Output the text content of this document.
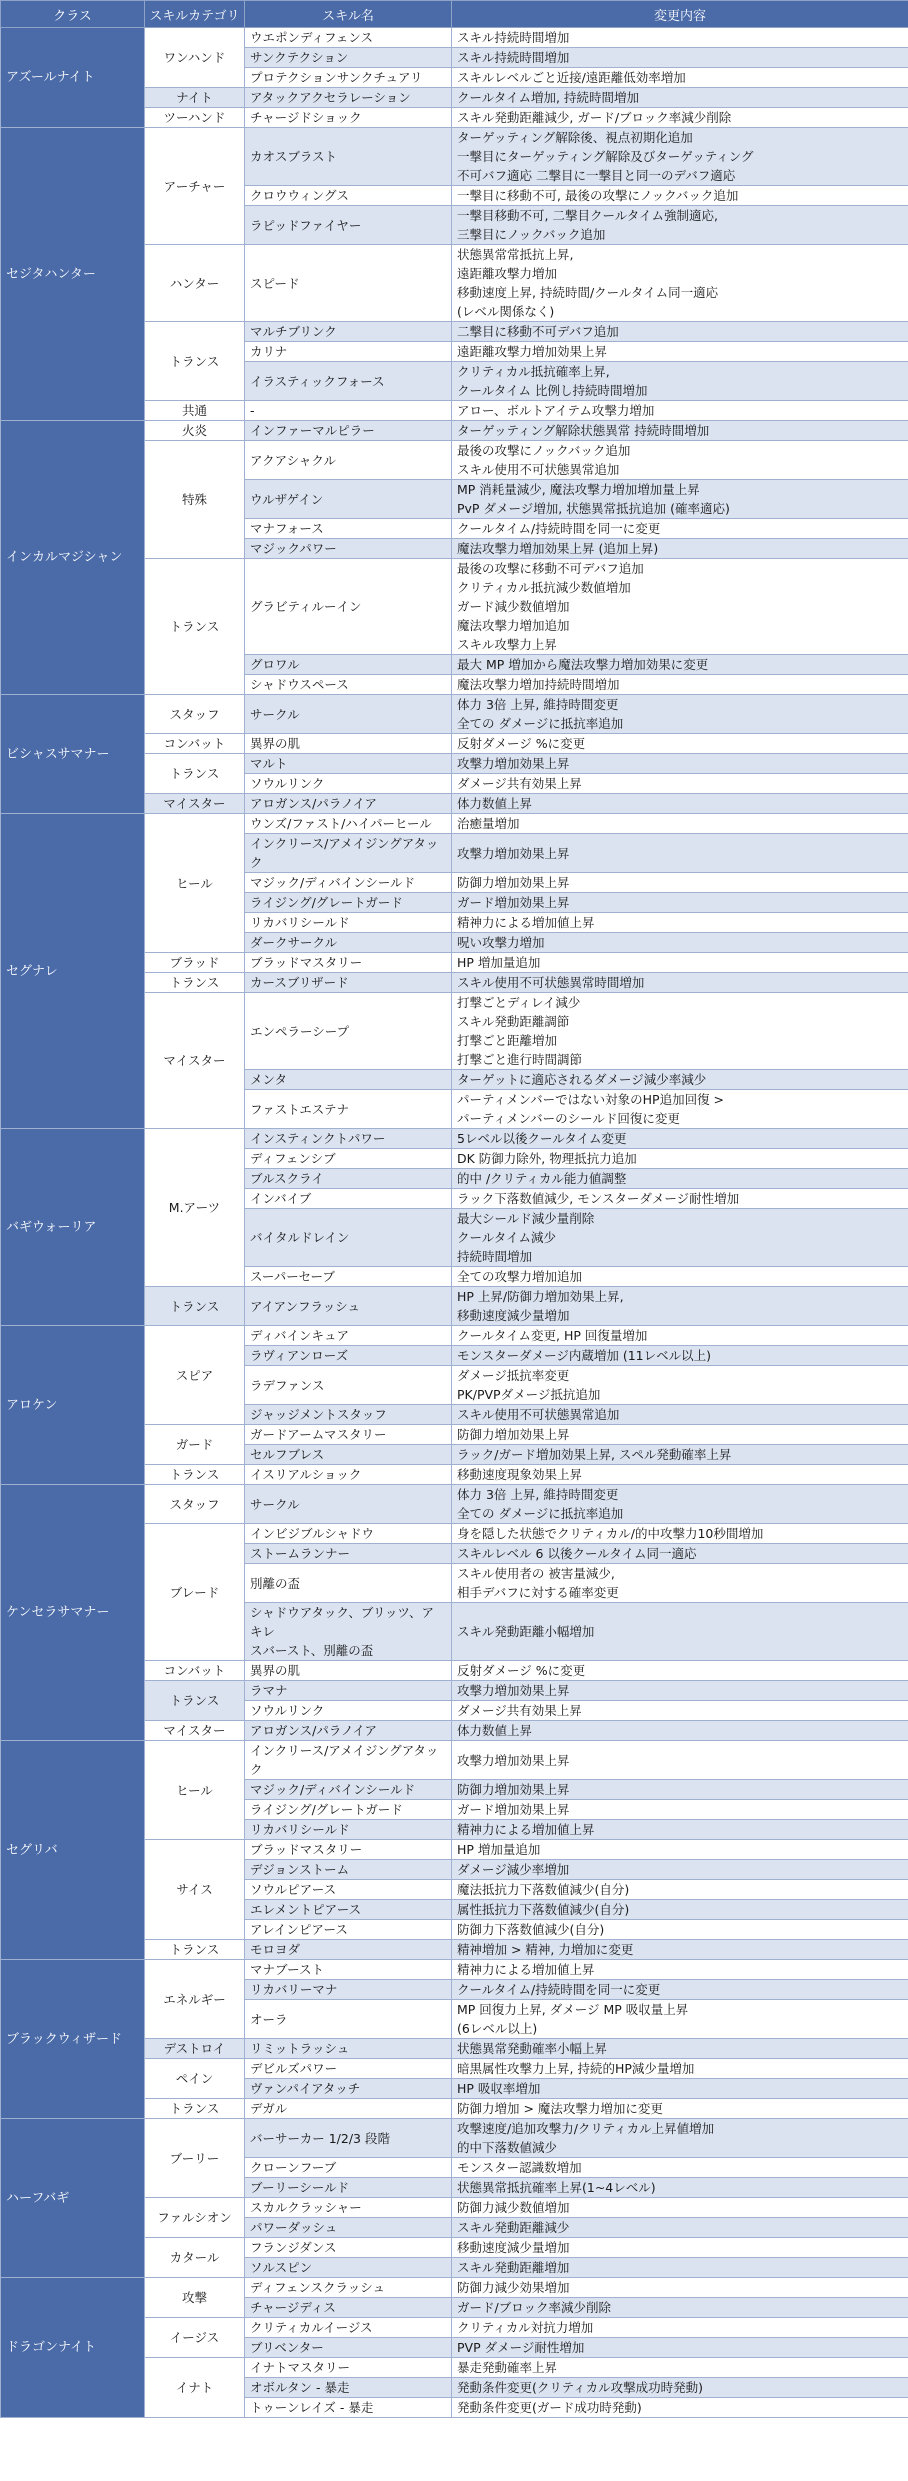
クラス	スキルカテゴリ	スキル名	変更内容
アズールナイト	ワンハンド	ウエポンディフェンス	スキル持続時間増加
		サンクテクション	スキル持続時間増加
		プロテクションサンクチュアリ	スキルレベルごと近接/遠距離低効率増加
	ナイト	アタックアクセラレーション	クールタイム増加, 持続時間増加
	ツーハンド	チャージドショック	スキル発動距離減少, ガード/ブロック率減少削除
セジタハンター	アーチャー	カオスブラスト	ターゲッティング解除後、視点初期化追加
一撃目にターゲッティング解除及びターゲッティング
不可バフ適応 二撃目に一撃目と同一のデバフ適応
		クロウウィングス	一撃目に移動不可, 最後の攻撃にノックバック追加
		ラピッドファイヤー	一撃目移動不可, 二撃目クールタイム強制適応,
三撃目にノックバック追加
	ハンター	スピード	状態異常常抵抗上昇,
遠距離攻撃力増加
移動速度上昇, 持続時間/クールタイム同一適応
(レベル関係なく)
	トランス	マルチブリンク	二撃目に移動不可デバフ追加
		カリナ	遠距離攻撃力増加効果上昇
		イラスティックフォース	クリティカル抵抗確率上昇,
クールタイム 比例し持続時間増加
	共通	-	アロー、ボルトアイテム攻撃力増加
インカルマジシャン	火炎	インファーマルピラー	ターゲッティング解除状態異常 持続時間増加
	特殊	アクアシャクル	最後の攻撃にノックバック追加
スキル使用不可状態異常追加
		ウルザゲイン	MP 消耗量減少, 魔法攻撃力増加増加量上昇
PvP ダメージ増加, 状態異常抵抗追加 (確率適応)
		マナフォース	クールタイム/持続時間を同一に変更
		マジックパワー	魔法攻撃力増加効果上昇 (追加上昇)
	トランス	グラビティルーイン	最後の攻撃に移動不可デバフ追加
クリティカル抵抗減少数値増加
ガード減少数値増加
魔法攻撃力増加追加
スキル攻撃力上昇
		グロワル	最大 MP 増加から魔法攻撃力増加効果に変更
		シャドウスペース	魔法攻撃力増加持続時間増加
ビシャスサマナー	スタッフ	サークル	体力 3倍 上昇, 維持時間変更
全ての ダメージに抵抗率追加
	コンバット	異界の肌	反射ダメージ %に変更
	トランス	マルト	攻撃力増加効果上昇
		ソウルリンク	ダメージ共有効果上昇
	マイスター	アロガンス/パラノイア	体力数値上昇
セグナレ	ヒール	ウンズ/ファスト/ハイパーヒール	治癒量増加
		インクリース/アメイジングアタック	攻撃力増加効果上昇
		マジック/ディバインシールド	防御力増加効果上昇
		ライジング/グレートガード	ガード増加効果上昇
		リカバリシールド	精神力による増加値上昇
		ダークサークル	呪い攻撃力増加
	ブラッド	ブラッドマスタリー	HP 増加量追加
	トランス	カースブリザード	スキル使用不可状態異常時間増加
	マイスター	エンペラーシープ	打撃ごとディレイ減少
スキル発動距離調節
打撃ごと距離増加
打撃ごと進行時間調節
		メンタ	ターゲットに適応されるダメージ減少率減少
		ファストエステナ	パーティメンバーではない対象のHP追加回復 >
パーティメンバーのシールド回復に変更
バギウォーリア	M.アーツ	インスティンクトパワー	5レベル以後クールタイム変更
		ディフェンシブ	DK 防御力除外, 物理抵抗力追加
		ブルスクライ	的中 /クリティカル能力値調整
		インバイブ	ラック下落数値減少, モンスターダメージ耐性増加
		バイタルドレイン	最大シールド減少量削除
クールタイム減少
持続時間増加
		スーパーセーブ	全ての攻撃力増加追加
	トランス	アイアンフラッシュ	HP 上昇/防御力増加効果上昇,
移動速度減少量増加
アロケン	スピア	ディバインキュア	クールタイム変更, HP 回復量増加
		ラヴィアンローズ	モンスターダメージ内蔵増加 (11レベル以上)
		ラデファンス	ダメージ抵抗率変更
PK/PVPダメージ抵抗追加
		ジャッジメントスタッフ	スキル使用不可状態異常追加
	ガード	ガードアームマスタリー	防御力増加効果上昇
		セルフブレス	ラック/ガード増加効果上昇, スペル発動確率上昇
	トランス	イスリアルショック	移動速度現象効果上昇
ケンセラサマナー	スタッフ	サークル	体力 3倍 上昇, 維持時間変更
全ての ダメージに抵抗率追加
	ブレード	インビジブルシャドウ	身を隠した状態でクリティカル/的中攻撃力10秒間増加
		ストームランナー	スキルレベル 6 以後クールタイム同一適応
		別離の盃	スキル使用者の 被害量減少,
相手デバフに対する確率変更
		シャドウアタック、ブリッツ、アキレ
スバースト、別離の盃	スキル発動距離小幅増加
	コンバット	異界の肌	反射ダメージ %に変更
	トランス	ラマナ	攻撃力増加効果上昇
		ソウルリンク	ダメージ共有効果上昇
	マイスター	アロガンス/パラノイア	体力数値上昇
セグリバ	ヒール	インクリース/アメイジングアタック	攻撃力増加効果上昇
		マジック/ディバインシールド	防御力増加効果上昇
		ライジング/グレートガード	ガード増加効果上昇
		リカバリシールド	精神力による増加値上昇
	サイス	ブラッドマスタリー	HP 増加量追加
		デジョンストーム	ダメージ減少率増加
		ソウルピアース	魔法抵抗力下落数値減少(自分)
		エレメントピアース	属性抵抗力下落数値減少(自分)
		アレインピアース	防御力下落数値減少(自分)
	トランス	モロヨダ	精神増加 > 精神, 力増加に変更
ブラックウィザード	エネルギー	マナブースト	精神力による増加値上昇
		リカバリーマナ	クールタイム/持続時間を同一に変更
		オーラ	MP 回復力上昇, ダメージ MP 吸収量上昇
(6レベル以上)
	デストロイ	リミットラッシュ	状態異常発動確率小幅上昇
	ペイン	デビルズパワー	暗黒属性攻撃力上昇, 持続的HP減少量増加
		ヴァンパイアタッチ	HP 吸収率増加
	トランス	デガル	防御力増加 > 魔法攻撃力増加に変更
ハーフバギ	ブーリー	バーサーカー 1/2/3 段階	攻撃速度/追加攻撃力/クリティカル上昇値増加
的中下落数値減少
		クローンフーブ	モンスター認識数増加
		ブーリーシールド	状態異常抵抗確率上昇(1~4レベル)
	ファルシオン	スカルクラッシャー	防御力減少数値増加
		パワーダッシュ	スキル発動距離減少
	カタール	フランジダンス	移動速度減少量増加
		ソルスピン	スキル発動距離増加
ドラゴンナイト	攻撃	ディフェンスクラッシュ	防御力減少効果増加
		チャージディス	ガード/ブロック率減少削除
	イージス	クリティカルイージス	クリティカル対抗力増加
		ブリベンター	PVP ダメージ耐性増加
	イナト	イナトマスタリー	暴走発動確率上昇
		オボルタン - 暴走	発動条件変更(クリティカル攻撃成功時発動)
		トゥーンレイズ - 暴走	発動条件変更(ガード成功時発動)
